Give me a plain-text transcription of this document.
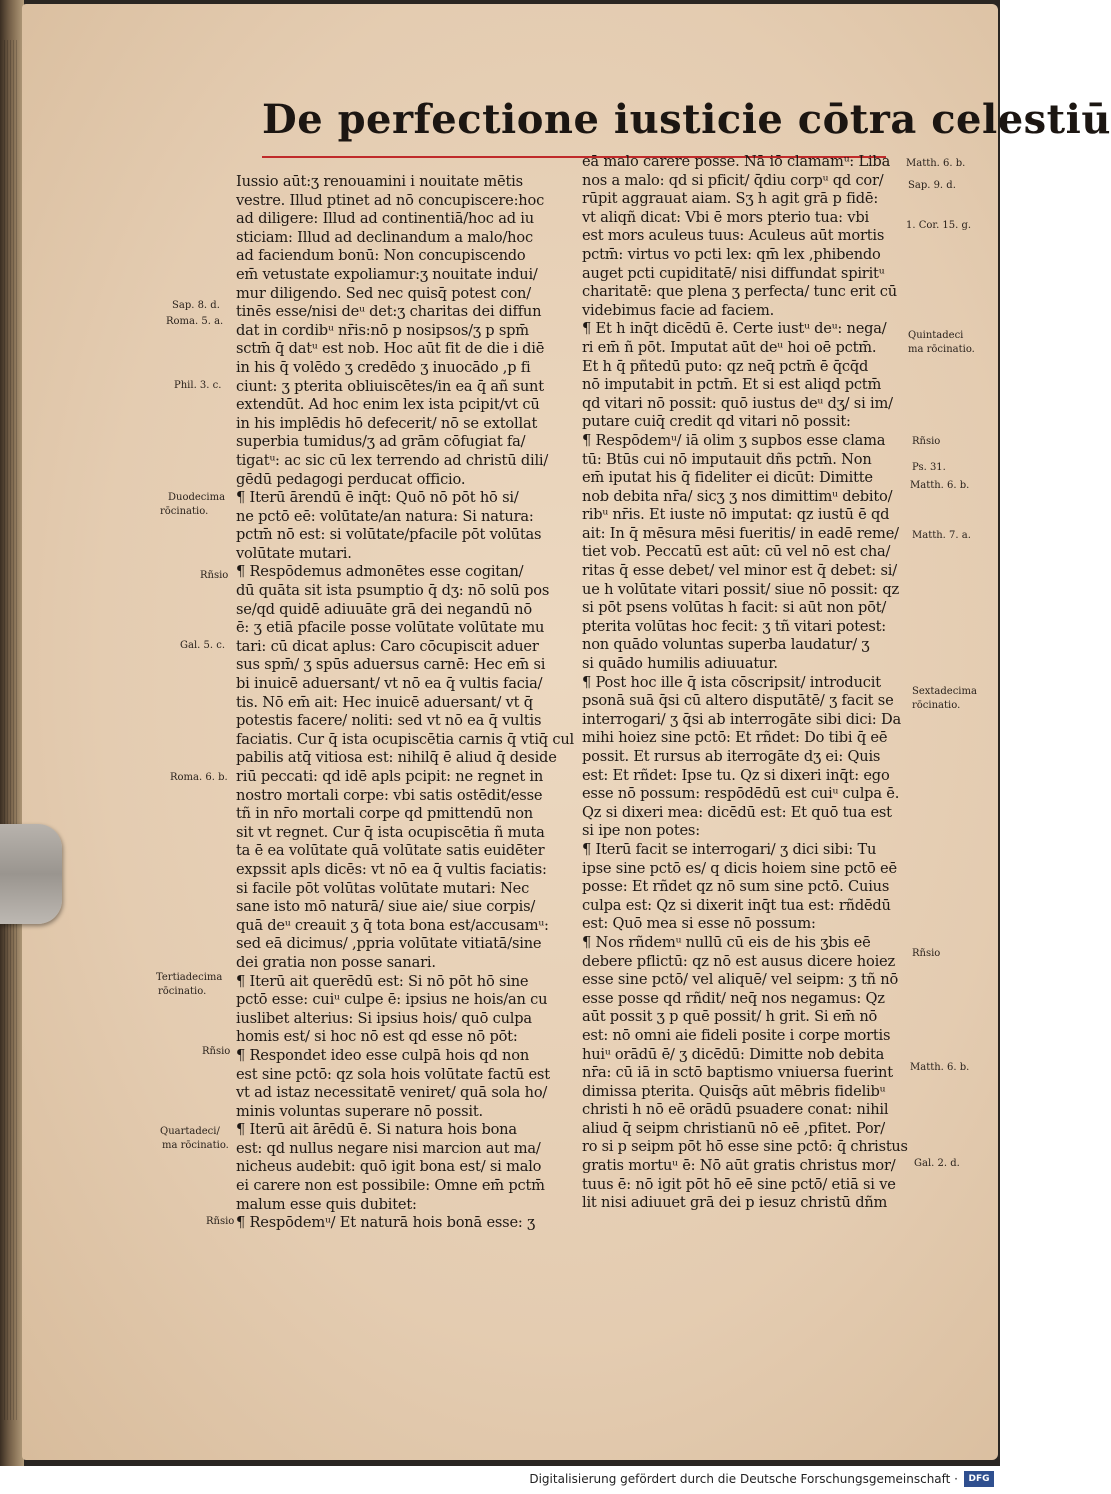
De perfectione iusticie cōtra celestiū

Iussio aūt:ʒ renouamini i nouitate mētis

vestre. Illud ptinet ad nō concupiscere:hoc

ad diligere: Illud ad continentiā/hoc ad iu

sticiam: Illud ad declinandum a malo/hoc

ad faciendum bonū: Non concupiscendo

em̄ vetustate expoliamur:ʒ nouitate indui/

mur diligendo. Sed nec quisq̄ potest con/

tinēs esse/nisi deᵘ det:ʒ charitas dei diffun

dat in cordibᵘ nr̄is:nō p nosipsos/ʒ p spm̄

sctm̄ q̄ datᵘ est nob. Hoc aūt fit de die i diē

in his q̄ volēdo ʒ credēdo ʒ inuocādo ,p fi

ciunt: ʒ pterita obliuiscētes/in ea q̄ añ sunt

extendūt. Ad hoc enim lex ista pcipit/vt cū

in his implēdis hō defecerit/ nō se extollat

superbia tumidus/ʒ ad grām cōfugiat fa/

tigatᵘ: ac sic cū lex terrendo ad christū dili/

gēdū pedagogi perducat officio.

¶ Iterū ārendū ē inq̄t: Quō nō pōt hō si/

ne pctō eē: volūtate/an natura: Si natura:

pctm̄ nō est: si volūtate/pfacile pōt volūtas

volūtate mutari.

¶ Respōdemus admonētes esse cogitan/

dū quāta sit ista psumptio q̄ dʒ: nō solū pos

se/qd quidē adiuuāte grā dei negandū nō

ē: ʒ etiā pfacile posse volūtate volūtate mu

tari: cū dicat aplus: Caro cōcupiscit aduer

sus spm̄/ ʒ spūs aduersus carnē: Hec em̄ si

bi inuicē aduersant/ vt nō ea q̄ vultis facia/

tis. Nō em̄ ait: Hec inuicē aduersant/ vt q̄

potestis facere/ noliti: sed vt nō ea q̄ vultis

faciatis. Cur q̄ ista ocupiscētia carnis q̄ vtiq̄ cul

pabilis atq̄ vitiosa est: nihilq̄ ē aliud q̄ deside

riū peccati: qd idē apls pcipit: ne regnet in

nostro mortali corpe: vbi satis ostēdit/esse

tñ in nr̄o mortali corpe qd pmittendū non

sit vt regnet. Cur q̄ ista ocupiscētia ñ muta

ta ē ea volūtate quā volūtate satis euidēter

expssit apls dicēs: vt nō ea q̄ vultis faciatis:

si facile pōt volūtas volūtate mutari: Nec

sane isto mō naturā/ siue aie/ siue corpis/

quā deᵘ creauit ʒ q̄ tota bona est/accusamᵘ:

sed eā dicimus/ ,ppria volūtate vitiatā/sine

dei gratia non posse sanari.

¶ Iterū ait querēdū est: Si nō pōt hō sine

pctō esse: cuiᵘ culpe ē: ipsius ne hois/an cu

iuslibet alterius: Si ipsius hois/ quō culpa

homis est/ si hoc nō est qd esse nō pōt:

¶ Respondet ideo esse culpā hois qd non

est sine pctō: qz sola hois volūtate factū est

vt ad istaz necessitatē veniret/ quā sola ho/

minis voluntas superare nō possit.

¶ Iterū ait ārēdū ē. Si natura hois bona

est: qd nullus negare nisi marcion aut ma/

nicheus audebit: quō igit bona est/ si malo

ei carere non est possibile: Omne em̄ pctm̄

malum esse quis dubitet:

¶ Respōdemᵘ/ Et naturā hois bonā esse: ʒ

eā malo carere posse. Nā iō clamamᵘ: Liba

nos a malo: qd si pficit/ q̄diu corpᵘ qd cor/

rūpit aggrauat aiam. Sʒ h agit grā p fidē:

vt aliqñ dicat: Vbi ē mors pterio tua: vbi

est mors aculeus tuus: Aculeus aūt mortis

pctm̄: virtus vo pcti lex: qm̄ lex ,phibendo

auget pcti cupiditatē/ nisi diffundat spiritᵘ

charitatē: que plena ʒ perfecta/ tunc erit cū

videbimus facie ad faciem.

¶ Et h inq̄t dicēdū ē. Certe iustᵘ deᵘ: nega/

ri em̄ ñ pōt. Imputat aūt deᵘ hoi oē pctm̄.

Et h q̄ pñtedū puto: qz neq̄ pctm̄ ē q̄cq̄d

nō imputabit in pctm̄. Et si est aliqd pctm̄

qd vitari nō possit: quō iustus deᵘ dʒ/ si im/

putare cuiq̄ credit qd vitari nō possit:

¶ Respōdemᵘ/ iā olim ʒ supbos esse clama

tū: Btūs cui nō imputauit dñs pctm̄. Non

em̄ iputat his q̄ fideliter ei dicūt: Dimitte

nob debita nr̄a/ sicʒ ʒ nos dimittimᵘ debito/

ribᵘ nr̄is. Et iuste nō imputat: qz iustū ē qd

ait: In q̄ mēsura mēsi fueritis/ in eadē reme/

tiet vob. Peccatū est aūt: cū vel nō est cha/

ritas q̄ esse debet/ vel minor est q̄ debet: si/

ue h volūtate vitari possit/ siue nō possit: qz

si pōt psens volūtas h facit: si aūt non pōt/

pterita volūtas hoc fecit: ʒ tñ vitari potest:

non quādo voluntas superba laudatur/ ʒ

si quādo humilis adiuuatur.

¶ Post hoc ille q̄ ista cōscripsit/ introducit

psonā suā q̄si cū altero disputātē/ ʒ facit se

interrogari/ ʒ q̄si ab interrogāte sibi dici: Da

mihi hoiez sine pctō: Et rñdet: Do tibi q̄ eē

possit. Et rursus ab iterrogāte dʒ ei: Quis

est: Et rñdet: Ipse tu. Qz si dixeri inq̄t: ego

esse nō possum: respōdēdū est cuiᵘ culpa ē.

Qz si dixeri mea: dicēdū est: Et quō tua est

si ipe non potes:

¶ Iterū facit se interrogari/ ʒ dici sibi: Tu

ipse sine pctō es/ q dicis hoiem sine pctō eē

posse: Et rñdet qz nō sum sine pctō. Cuius

culpa est: Qz si dixerit inq̄t tua est: rñdēdū

est: Quō mea si esse nō possum:

¶ Nos rñdemᵘ nullū cū eis de his ʒbis eē

debere pflictū: qz nō est ausus dicere hoiez

esse sine pctō/ vel aliquē/ vel seipm: ʒ tñ nō

esse posse qd rñdit/ neq̄ nos negamus: Qz

aūt possit ʒ p quē possit/ h grit. Si em̄ nō

est: nō omni aie fideli posite i corpe mortis

huiᵘ orādū ē/ ʒ dicēdū: Dimitte nob debita

nr̄a: cū iā in sctō baptismo vniuersa fuerint

dimissa pterita. Quisq̄s aūt mēbris fidelibᵘ

christi h nō eē orādū psuadere conat: nihil

aliud q̄ seipm christianū nō eē ,pfitet. Por/

ro si p seipm pōt hō esse sine pctō: q̄ christus

gratis mortuᵘ ē: Nō aūt gratis christus mor/

tuus ē: nō igit pōt hō eē sine pctō/ etiā si ve

lit nisi adiuuet grā dei p iesuz christū dñm

Sap. 8. d.
Roma. 5. a.
Phil. 3. c.
Duodecima
rōcinatio.
Rñsio
Gal. 5. c.
Roma. 6. b.
Tertiadecima
rōcinatio.
Rñsio
Quartadeci/
ma rōcinatio.
Rñsio
Matth. 6. b.
Sap. 9. d.
1. Cor. 15. g.
Quintadeci
ma rōcinatio.
Rñsio
Ps. 31.
Matth. 6. b.
Matth. 7. a.
Sextadecima
rōcinatio.
Rñsio
Matth. 6. b.
Gal. 2. d.
Digitalisierung gefördert durch die Deutsche Forschungsgemeinschaft ·	DFG
